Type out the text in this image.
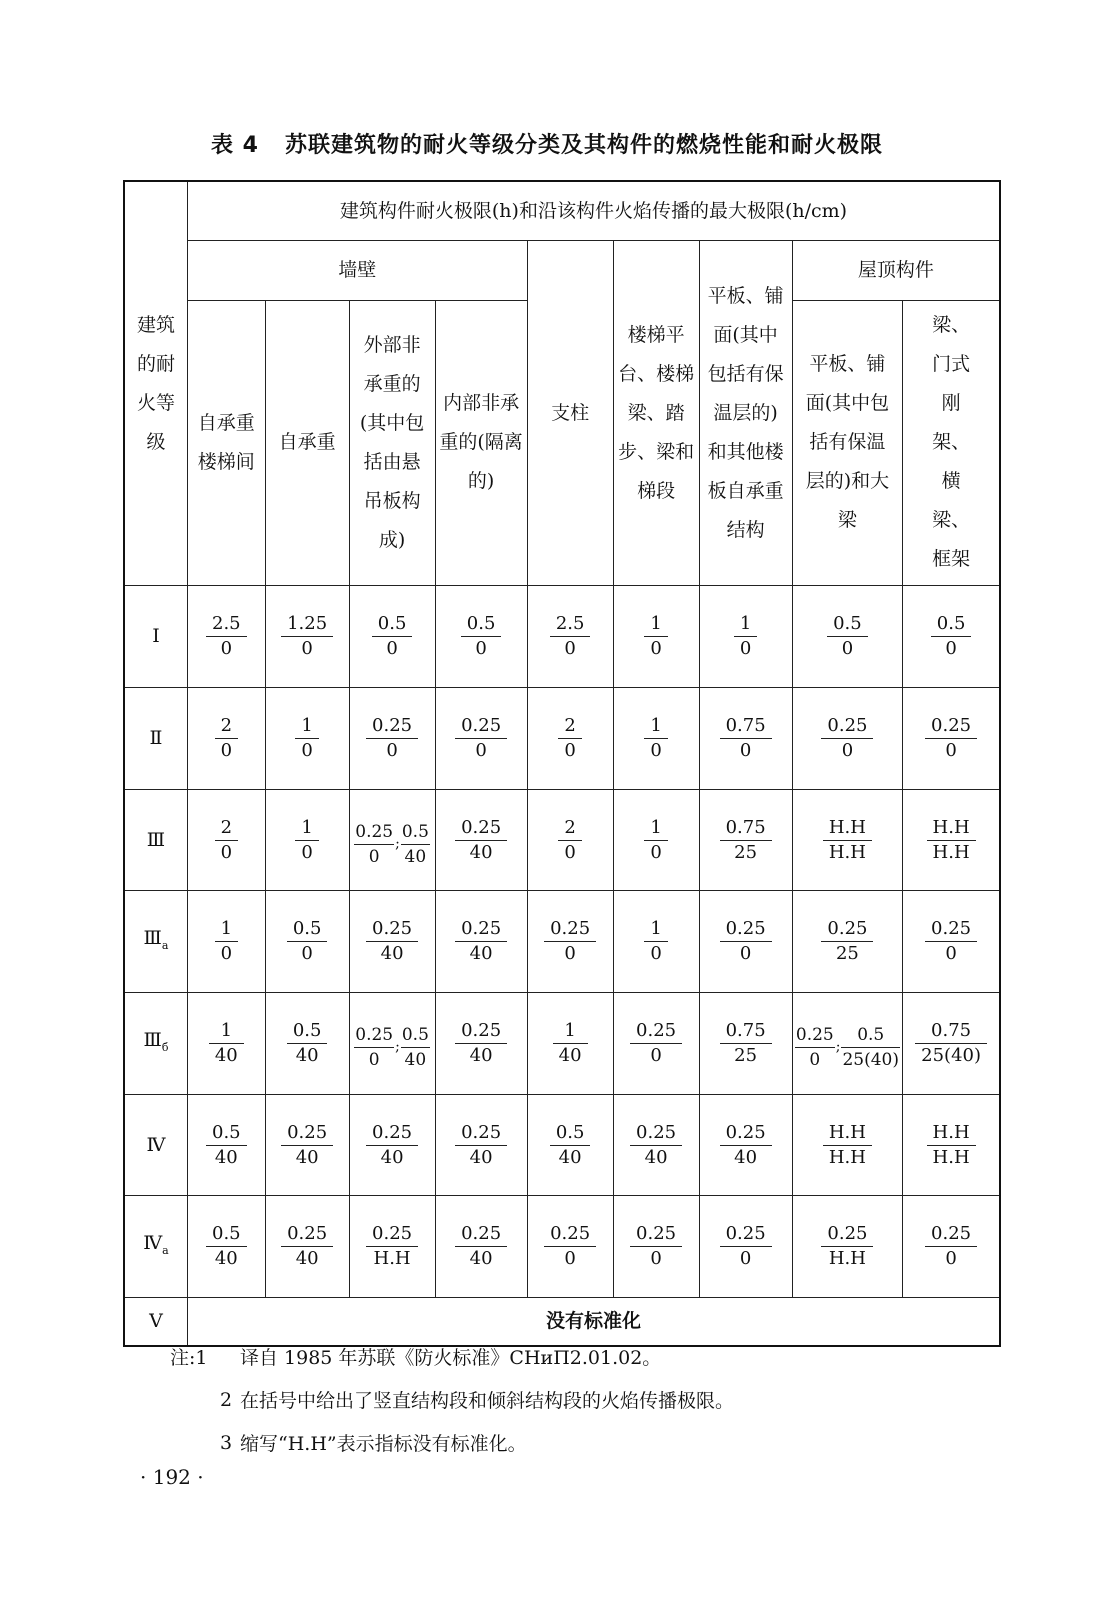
表 4 苏联建筑物的耐火等级分类及其构件的燃烧性能和耐火极限
建筑的耐火等级	建筑构件耐火极限(h)和沿该构件火焰传播的最大极限(h/cm)								
	墙壁				支柱	楼梯平台、楼梯梁、踏步、梁和梯段	平板、铺面(其中包括有保温层的)和其他楼板自承重结构	屋顶构件	

	自承重楼梯间	自承重	外部非承重的(其中包括由悬吊板构成)	内部非承重的(隔离的)				平板、铺面(其中包括有保温层的)和大梁	梁、门式刚架、横梁、框架

Ⅰ	$\frac{2.5}{0}$	$\frac{1.25}{0}$	$\frac{0.5}{0}$	$\frac{0.5}{0}$	$\frac{2.5}{0}$	$\frac{1}{0}$	$\frac{1}{0}$	$\frac{0.5}{0}$	$\frac{0.5}{0}$

Ⅱ	$\frac{2}{0}$	$\frac{1}{0}$	$\frac{0.25}{0}$	$\frac{0.25}{0}$	$\frac{2}{0}$	$\frac{1}{0}$	$\frac{0.75}{0}$	$\frac{0.25}{0}$	$\frac{0.25}{0}$

Ⅲ	$\frac{2}{0}$	$\frac{1}{0}$	$\frac{0.25}{0}$ ; $\frac{0.5}{40}$	$\frac{0.25}{40}$	$\frac{2}{0}$	$\frac{1}{0}$	$\frac{0.75}{25}$	$\frac{H.H}{H.H}$	$\frac{H.H}{H.H}$

$Ⅲ_a$	$\frac{1}{0}$	$\frac{0.5}{0}$	$\frac{0.25}{40}$	$\frac{0.25}{40}$	$\frac{0.25}{0}$	$\frac{1}{0}$	$\frac{0.25}{0}$	$\frac{0.25}{25}$	$\frac{0.25}{0}$

$Ⅲ_б$	$\frac{1}{40}$	$\frac{0.5}{40}$	$\frac{0.25}{0}$ ; $\frac{0.5}{40}$	$\frac{0.25}{40}$	$\frac{1}{40}$	$\frac{0.25}{0}$	$\frac{0.75}{25}$	$\frac{0.25}{0}$ ; $\frac{0.5}{25(40)}$	$\frac{0.75}{25(40)}$

Ⅳ	$\frac{0.5}{40}$	$\frac{0.25}{40}$	$\frac{0.25}{40}$	$\frac{0.25}{40}$	$\frac{0.5}{40}$	$\frac{0.25}{40}$	$\frac{0.25}{40}$	$\frac{H.H}{H.H}$	$\frac{H.H}{H.H}$

$Ⅳ_a$	$\frac{0.5}{40}$	$\frac{0.25}{40}$	$\frac{0.25}{H.H}$	$\frac{0.25}{40}$	$\frac{0.25}{0}$	$\frac{0.25}{0}$	$\frac{0.25}{0}$	$\frac{0.25}{H.H}$	$\frac{0.25}{0}$

Ⅴ	没有标准化								
注:1	译自 1985 年苏联《防火标准》CHиП2.01.02。
2 在括号中给出了竖直结构段和倾斜结构段的火焰传播极限。
3 缩写“H.H”表示指标没有标准化。
· 192 ·
